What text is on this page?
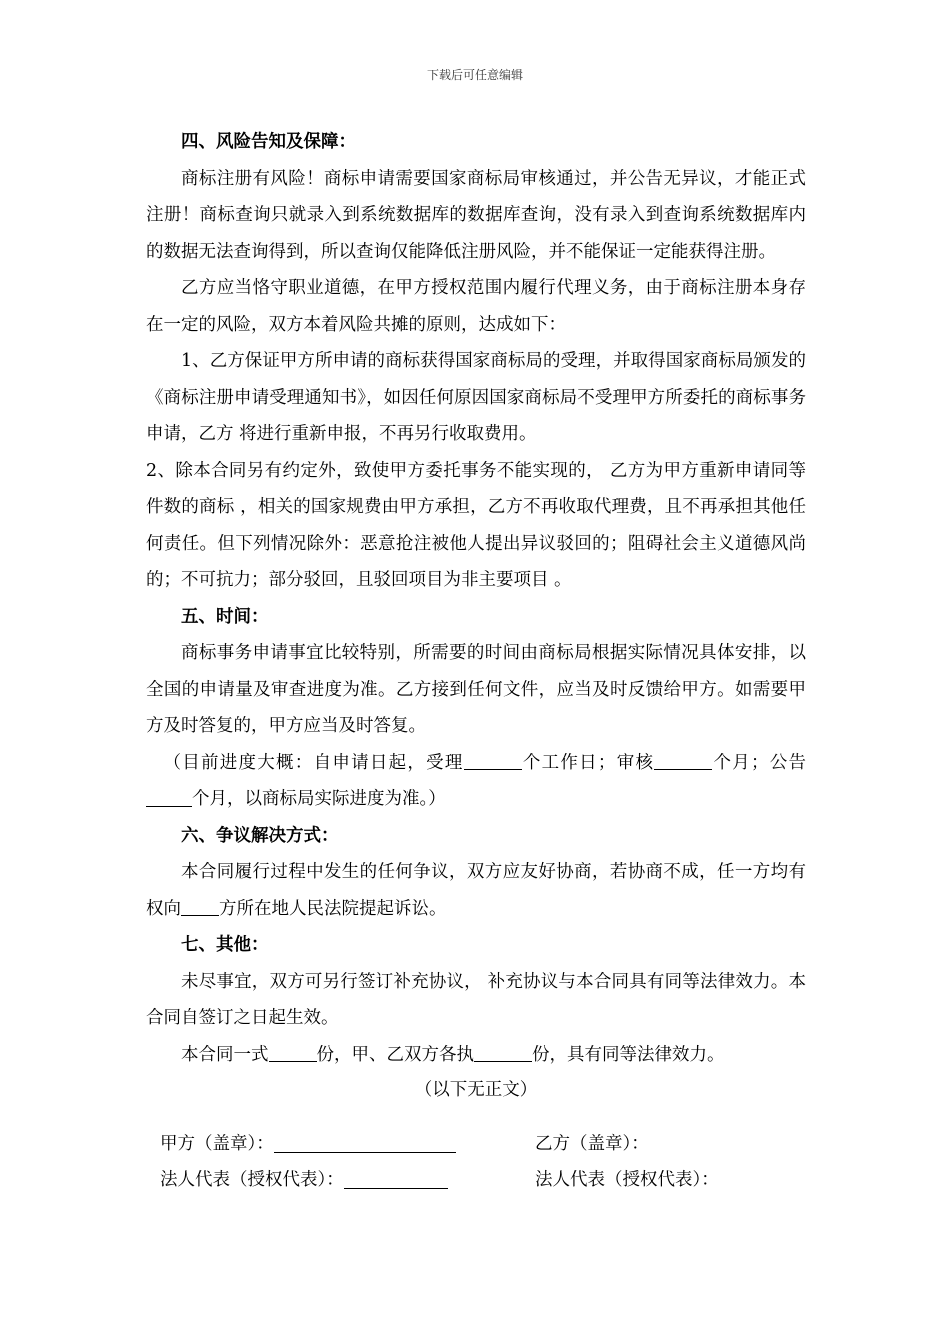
下载后可任意编辑

四、风险告知及保障：

商标注册有风险！商标申请需要国家商标局审核通过，并公告无异议，才能正式注册！商标查询只就录入到系统数据库的数据库查询，没有录入到查询系统数据库内的数据无法查询得到，所以查询仅能降低注册风险，并不能保证一定能获得注册。

乙方应当恪守职业道德，在甲方授权范围内履行代理义务，由于商标注册本身存在一定的风险，双方本着风险共摊的原则，达成如下：

1、乙方保证甲方所申请的商标获得国家商标局的受理，并取得国家商标局颁发的《商标注册申请受理通知书》，如因任何原因国家商标局不受理甲方所委托的商标事务申请，乙方 将进行重新申报，不再另行收取费用。

2、除本合同另有约定外，致使甲方委托事务不能实现的， 乙方为甲方重新申请同等件数的商标 ，相关的国家规费由甲方承担，乙方不再收取代理费，且不再承担其他任何责任。但下列情况除外：恶意抢注被他人提出异议驳回的；阻碍社会主义道德风尚的；不可抗力；部分驳回，且驳回项目为非主要项目 。

五、时间：

商标事务申请事宜比较特别，所需要的时间由商标局根据实际情况具体安排，以全国的申请量及审查进度为准。乙方接到任何文件，应当及时反馈给甲方。如需要甲方及时答复的，甲方应当及时答复。

（目前进度大概：自申请日起，受理	个工作日；审核	个月；公告个月，以商标局实际进度为准。）

六、争议解决方式：

本合同履行过程中发生的任何争议，双方应友好协商，若协商不成，任一方均有权向 方所在地人民法院提起诉讼。

七、其他：

未尽事宜，双方可另行签订补充协议， 补充协议与本合同具有同等法律效力。本合同自签订之日起生效。

本合同一式	份，甲、乙双方各执	份，具有同等法律效力。

（以下无正文）

甲方（盖章）：	乙方（盖章）：
法人代表（授权代表）：	法人代表（授权代表）：
